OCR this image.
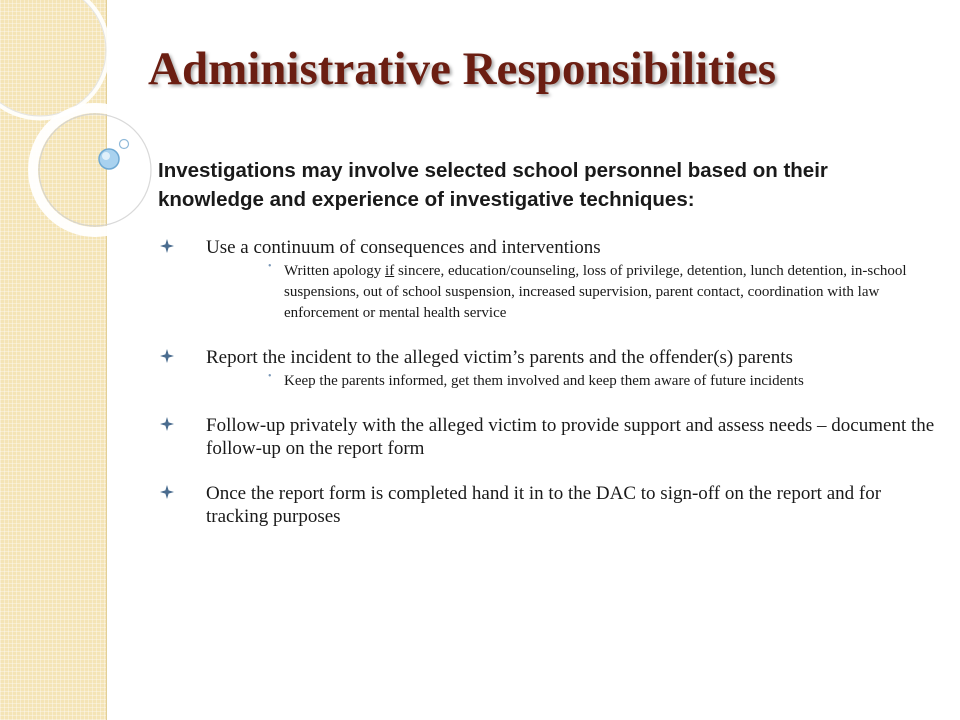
Administrative Responsibilities
Investigations may involve selected school personnel based on their knowledge and experience of investigative techniques:
Use a continuum of consequences and interventions
• Written apology if sincere, education/counseling, loss of privilege, detention, lunch detention, in-school suspensions, out of school suspension, increased supervision, parent contact, coordination with law enforcement or mental health service
Report the incident to the alleged victim’s parents and the offender(s) parents
• Keep the parents informed, get them involved and keep them aware of future incidents
Follow-up privately with the alleged victim to provide support and assess needs – document the follow-up on the report form
Once the report form is completed hand it in to the DAC to sign-off on the report and for tracking purposes
